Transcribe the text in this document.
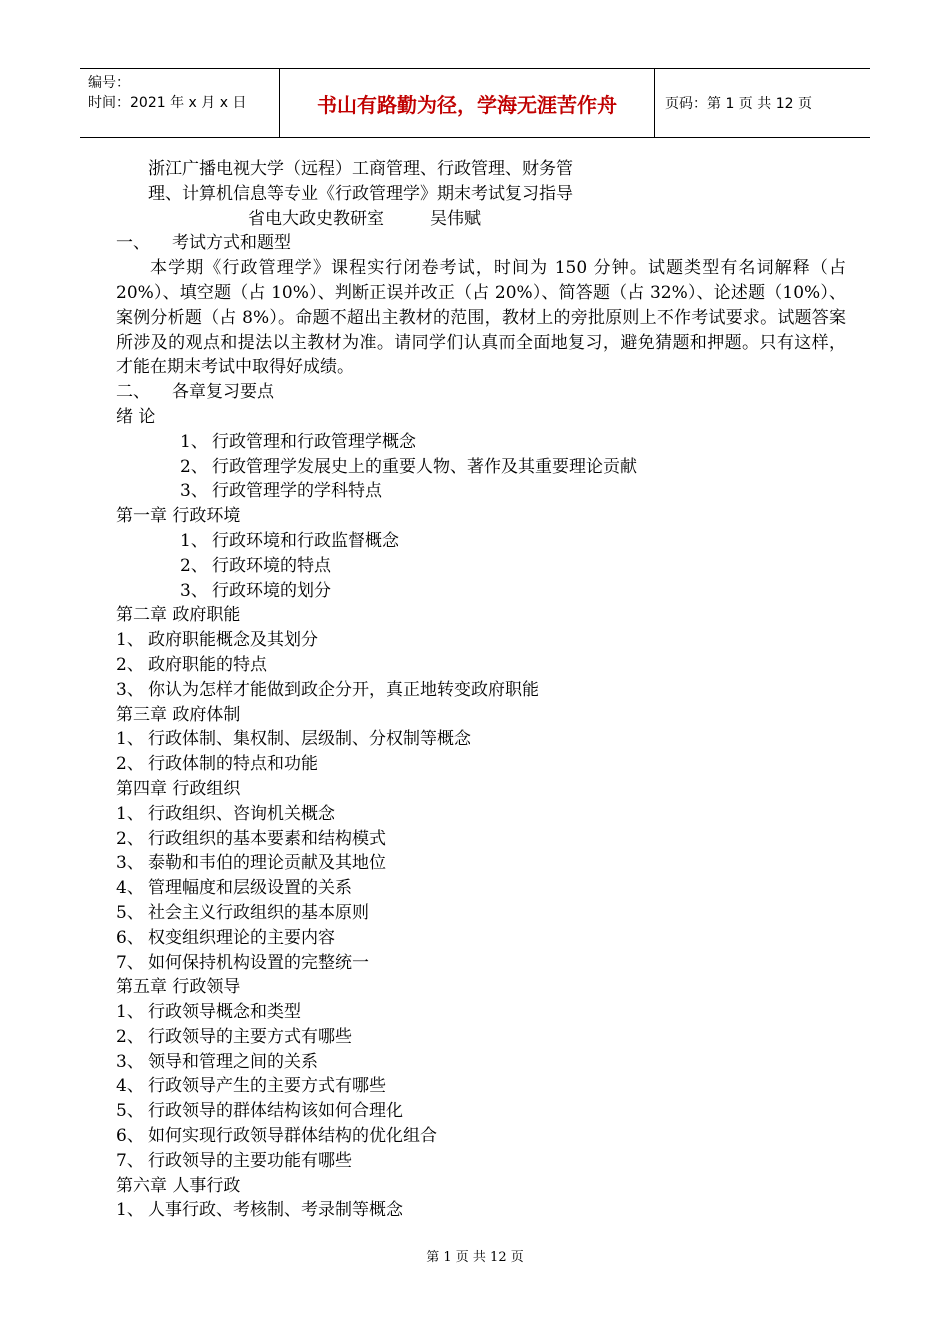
编号：
时间：2021 年 x 月 x 日	书山有路勤为径，学海无涯苦作舟	页码：第 1 页 共 12 页
浙江广播电视大学（远程）工商管理、行政管理、财务管
理、计算机信息等专业《行政管理学》期末考试复习指导
省电大政史教研室	吴伟赋
一、 考试方式和题型
本学期《行政管理学》课程实行闭卷考试，时间为 150 分钟。试题类型有名词解释（占 20%）、填空题（占 10%）、判断正误并改正（占 20%）、简答题（占 32%）、论述题（10%）、案例分析题（占 8%）。命题不超出主教材的范围，教材上的旁批原则上不作考试要求。试题答案所涉及的观点和提法以主教材为准。请同学们认真而全面地复习，避免猜题和押题。只有这样，才能在期末考试中取得好成绩。
二、 各章复习要点
绪 论
1、 行政管理和行政管理学概念
2、 行政管理学发展史上的重要人物、著作及其重要理论贡献
3、 行政管理学的学科特点
第一章 行政环境
1、 行政环境和行政监督概念
2、 行政环境的特点
3、 行政环境的划分
第二章 政府职能
1、 政府职能概念及其划分
2、 政府职能的特点
3、 你认为怎样才能做到政企分开，真正地转变政府职能
第三章 政府体制
1、 行政体制、集权制、层级制、分权制等概念
2、 行政体制的特点和功能
第四章 行政组织
1、 行政组织、咨询机关概念
2、 行政组织的基本要素和结构模式
3、 泰勒和韦伯的理论贡献及其地位
4、 管理幅度和层级设置的关系
5、 社会主义行政组织的基本原则
6、 权变组织理论的主要内容
7、 如何保持机构设置的完整统一
第五章 行政领导
1、 行政领导概念和类型
2、 行政领导的主要方式有哪些
3、 领导和管理之间的关系
4、 行政领导产生的主要方式有哪些
5、 行政领导的群体结构该如何合理化
6、 如何实现行政领导群体结构的优化组合
7、 行政领导的主要功能有哪些
第六章 人事行政
1、 人事行政、考核制、考录制等概念
第 1 页 共 12 页
